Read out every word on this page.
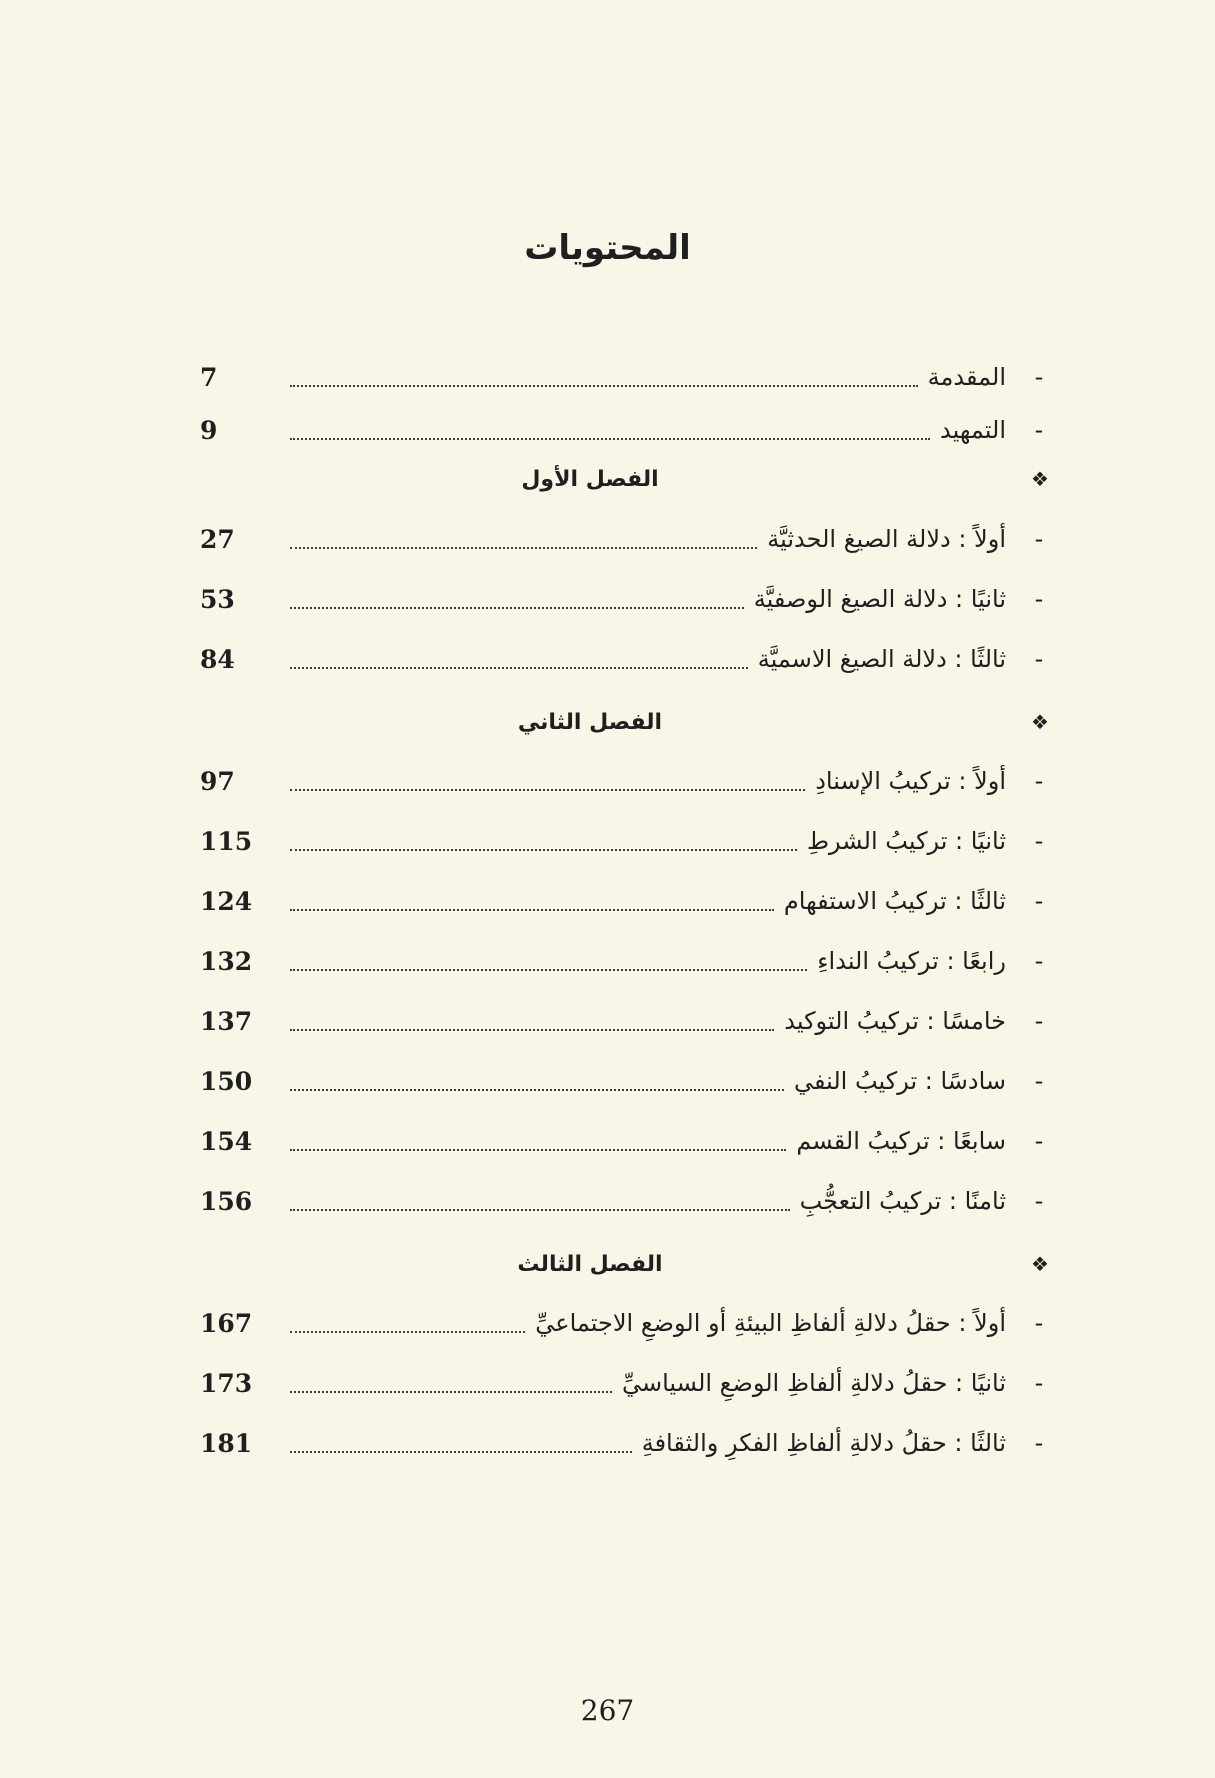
المحتويات
-
المقدمة
7
-
التمهيد
9
❖
الفصل الأول
-
أولاً : دلالة الصيغ الحدثيَّة
27
-
ثانيًا : دلالة الصيغ الوصفيَّة
53
-
ثالثًا : دلالة الصيغ الاسميَّة
84
❖
الفصل الثاني
-
أولاً : تركيبُ الإسنادِ
97
-
ثانيًا : تركيبُ الشرطِ
115
-
ثالثًا : تركيبُ الاستفهام
124
-
رابعًا : تركيبُ النداءِ
132
-
خامسًا : تركيبُ التوكيد
137
-
سادسًا : تركيبُ النفي
150
-
سابعًا : تركيبُ القسم
154
-
ثامنًا : تركيبُ التعجُّبِ
156
❖
الفصل الثالث
-
أولاً : حقلُ دلالةِ ألفاظِ البيئةِ أو الوضعِ الاجتماعيِّ
167
-
ثانيًا : حقلُ دلالةِ ألفاظِ الوضعِ السياسيِّ
173
-
ثالثًا : حقلُ دلالةِ ألفاظِ الفكرِ والثقافةِ
181
267
